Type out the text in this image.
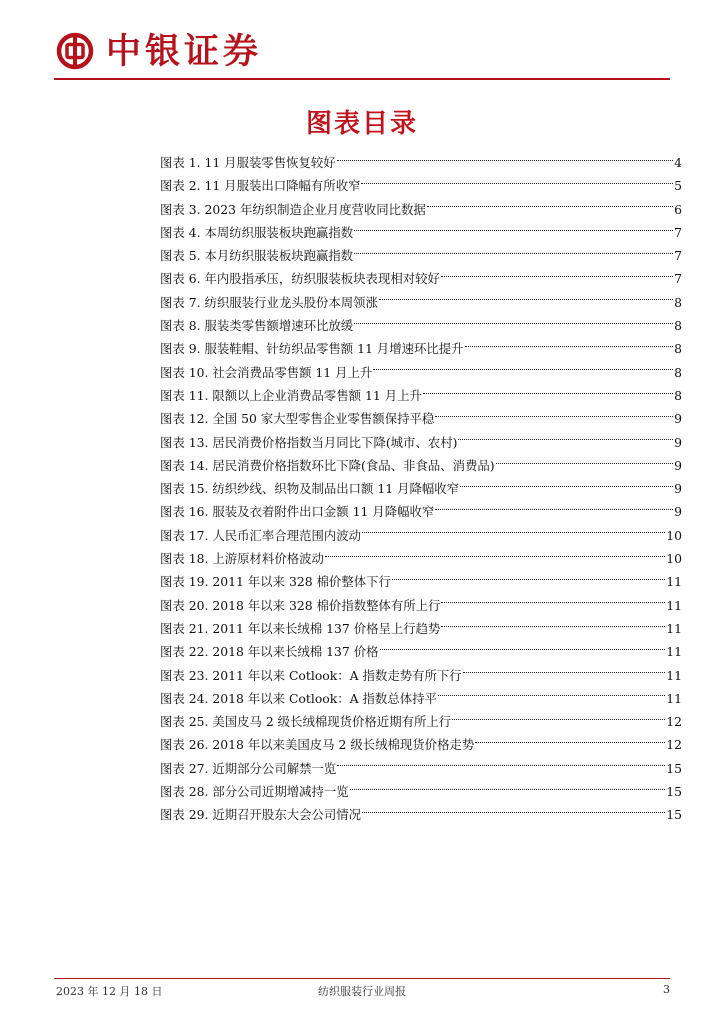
中银证券
图表目录
图表 1. 11 月服装零售恢复较好	4
图表 2. 11 月服装出口降幅有所收窄	5
图表 3. 2023 年纺织制造企业月度营收同比数据	6
图表 4. 本周纺织服装板块跑赢指数	7
图表 5. 本月纺织服装板块跑赢指数	7
图表 6. 年内股指承压，纺织服装板块表现相对较好	7
图表 7. 纺织服装行业龙头股份本周领涨	8
图表 8. 服装类零售额增速环比放缓	8
图表 9. 服装鞋帽、针纺织品零售额 11 月增速环比提升	8
图表 10. 社会消费品零售额 11 月上升	8
图表 11. 限额以上企业消费品零售额 11 月上升	8
图表 12. 全国 50 家大型零售企业零售额保持平稳	9
图表 13. 居民消费价格指数当月同比下降(城市、农村)	9
图表 14. 居民消费价格指数环比下降(食品、非食品、消费品)	9
图表 15. 纺织纱线、织物及制品出口额 11 月降幅收窄	9
图表 16. 服装及衣着附件出口金额 11 月降幅收窄	9
图表 17. 人民币汇率合理范围内波动	10
图表 18. 上游原材料价格波动	10
图表 19. 2011 年以来 328 棉价整体下行	11
图表 20. 2018 年以来 328 棉价指数整体有所上行	11
图表 21. 2011 年以来长绒棉 137 价格呈上行趋势	11
图表 22. 2018 年以来长绒棉 137 价格	11
图表 23. 2011 年以来 Cotlook：A 指数走势有所下行	11
图表 24. 2018 年以来 Cotlook：A 指数总体持平	11
图表 25. 美国皮马 2 级长绒棉现货价格近期有所上行	12
图表 26. 2018 年以来美国皮马 2 级长绒棉现货价格走势	12
图表 27. 近期部分公司解禁一览	15
图表 28. 部分公司近期增减持一览	15
图表 29. 近期召开股东大会公司情况	15
2023 年 12 月 18 日	纺织服装行业周报	3
